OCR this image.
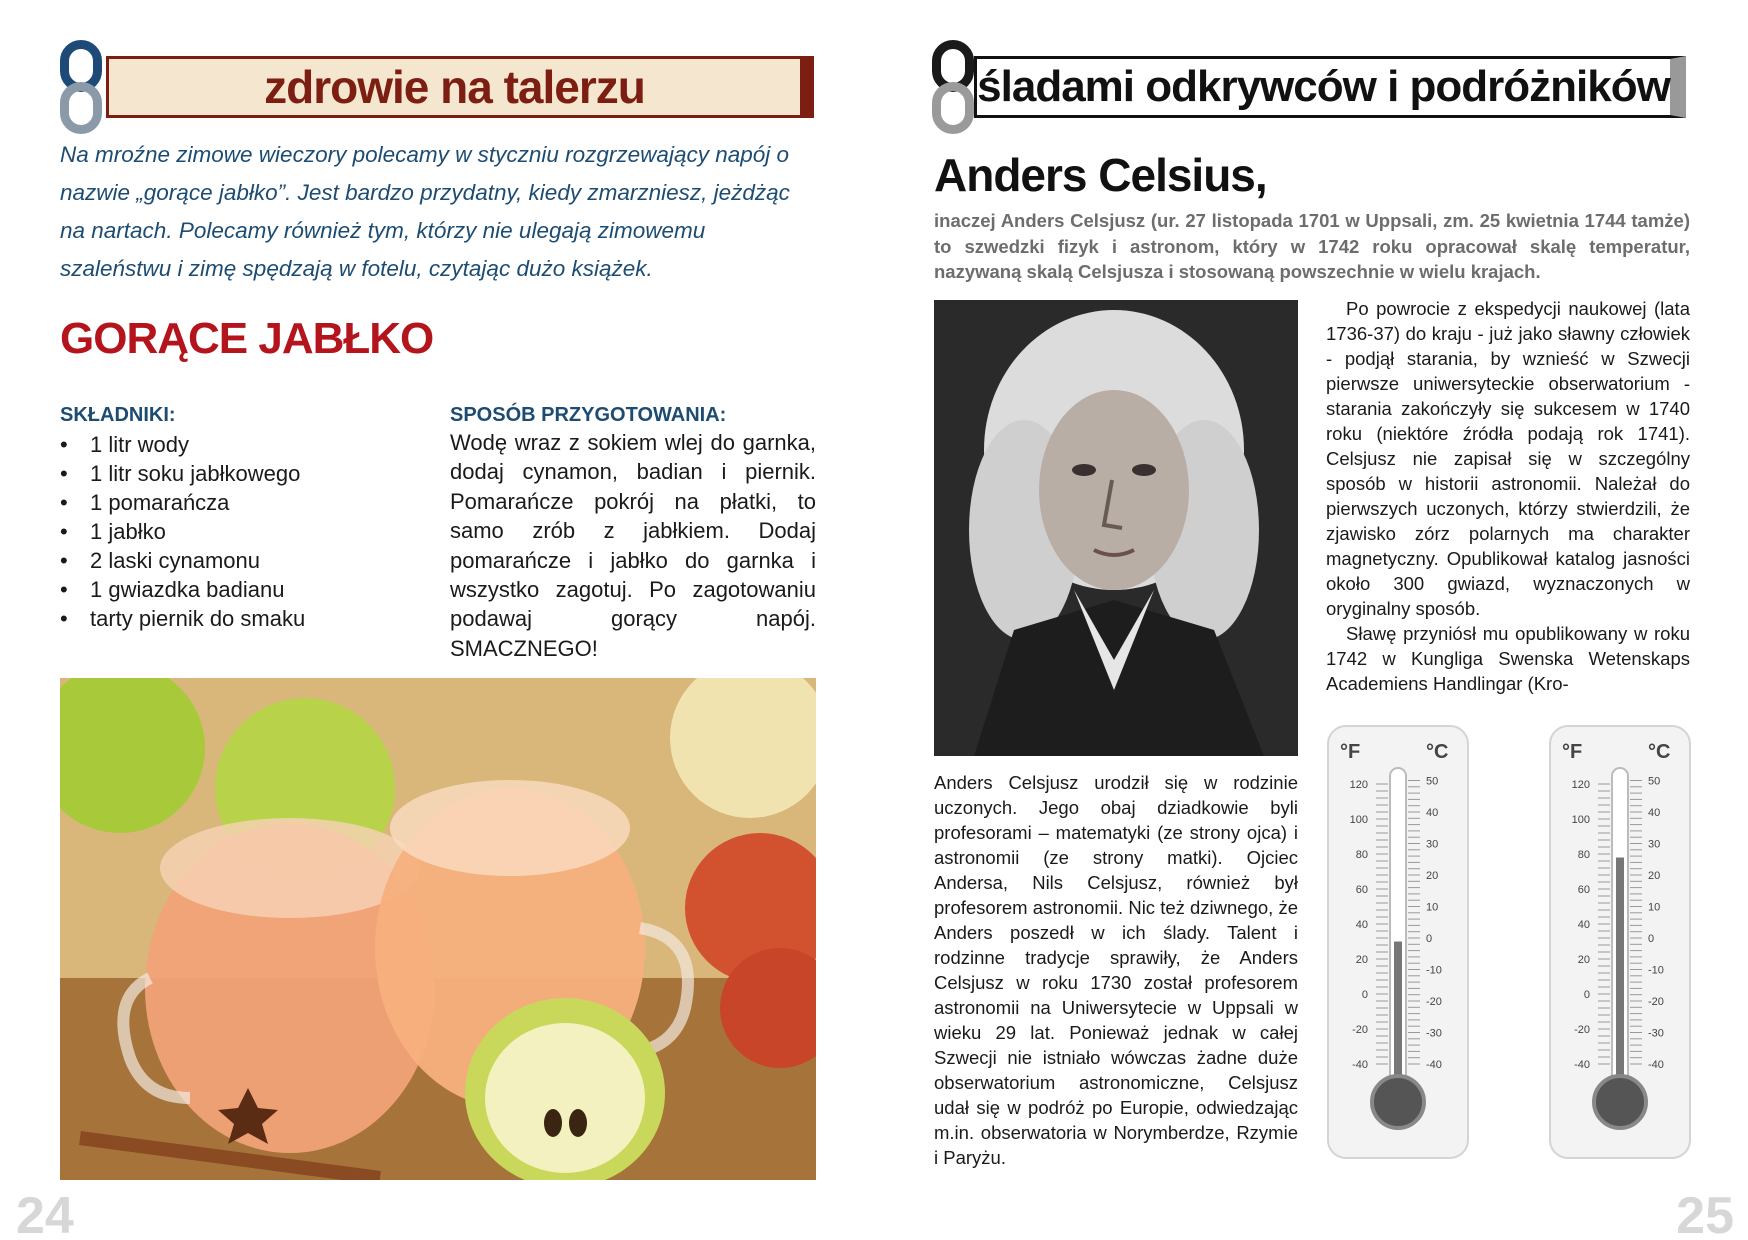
zdrowie na talerzu

Na mroźne zimowe wieczory polecamy w styczniu rozgrzewający napój o nazwie „gorące jabłko”. Jest bardzo przydatny, kiedy zmarzniesz, jeżdżąc na nartach. Polecamy również tym, którzy nie ulegają zimowemu szaleństwu i zimę spędzają w fotelu, czytając dużo książek.

GORĄCE JABŁKO
SKŁADNIKI:
•	1 litr wody
•	1 litr soku jabłkowego
•	1 pomarańcza
•	1 jabłko
•	2 laski cynamonu
•	1 gwiazdka badianu
•	tarty piernik do smaku
SPOSÓB PRZYGOTOWANIA:

Wodę wraz z sokiem wlej do garnka, dodaj cynamon, badian i piernik. Pomarańcze pokrój na płatki, to samo zrób z jabłkiem. Dodaj pomarańcze i jabłko do garnka i wszystko zagotuj. Po zagotowaniu podawaj gorący napój. SMACZNEGO!

24
śladami odkrywców i podróżników
Anders Celsius,

inaczej Anders Celsjusz (ur. 27 listopada 1701 w Uppsali, zm. 25 kwietnia 1744 tamże) to szwedzki fizyk i astronom, który w 1742 roku opracował skalę temperatur, nazywaną skalą Celsjusza i stosowaną powszechnie w wielu krajach.

Po powrocie z ekspedycji naukowej (lata 1736-37) do kraju - już jako sławny człowiek - podjął starania, by wznieść w Szwecji pierwsze uniwersyteckie obserwatorium - starania zakończyły się sukcesem w 1740 roku (niektóre źródła podają rok 1741). Celsjusz nie zapisał się w szczególny sposób w historii astronomii. Należał do pierwszych uczonych, którzy stwierdzili, że zjawisko zórz polarnych ma charakter magnetyczny. Opublikował katalog jasności około 300 gwiazd, wyznaczonych w oryginalny sposób.

Sławę przyniósł mu opublikowany w roku 1742 w Kungliga Swenska Wetenskaps Academiens Handlingar (Kro-

Anders Celsjusz urodził się w rodzinie uczonych. Jego obaj dziadkowie byli profesorami – matematyki (ze strony ojca) i astronomii (ze strony matki). Ojciec Andersa, Nils Celsjusz, również był profesorem astronomii. Nic też dziwnego, że Anders poszedł w ich ślady. Talent i rodzinne tradycje sprawiły, że Anders Celsjusz w roku 1730 został profesorem astronomii na Uniwersytecie w Uppsali w wieku 29 lat. Ponieważ jednak w całej Szwecji nie istniało wówczas żadne duże obserwatorium astronomiczne, Celsjusz udał się w podróż po Europie, odwiedzając m.in. obserwatoria w Norymberdze, Rzymie i Paryżu.

°F	°C
120
100
80
60
40
20
0
-20
-40
50
40
30
20
10
0
-10
-20
-30
-40
°F	°C
120
100
80
60
40
20
0
-20
-40
50
40
30
20
10
0
-10
-20
-30
-40
25
